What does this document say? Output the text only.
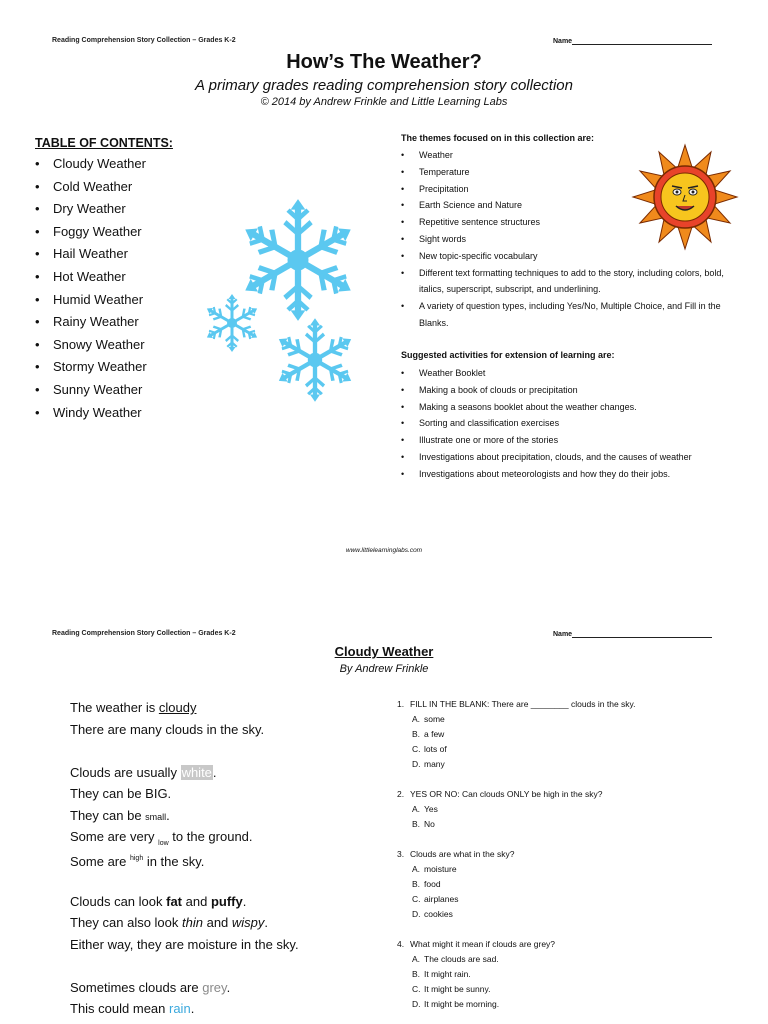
Reading Comprehension Story Collection – Grades K-2	Name
How’s The Weather?
A primary grades reading comprehension story collection
© 2014 by Andrew Frinkle and Little Learning Labs
TABLE OF CONTENTS:
• Cloudy Weather
• Cold Weather
• Dry Weather
• Foggy Weather
• Hail Weather
• Hot Weather
• Humid Weather
• Rainy Weather
• Snowy Weather
• Stormy Weather
• Sunny Weather
• Windy Weather
The themes focused on in this collection are:
• Weather
• Temperature
• Precipitation
• Earth Science and Nature
• Repetitive sentence structures
• Sight words
• New topic-specific vocabulary
• Different text formatting techniques to add to the story, including colors, bold, italics, superscript, subscript, and underlining.
• A variety of question types, including Yes/No, Multiple Choice, and Fill in the Blanks.
Suggested activities for extension of learning are:
• Weather Booklet
• Making a book of clouds or precipitation
• Making a seasons booklet about the weather changes.
• Sorting and classification exercises
• Illustrate one or more of the stories
• Investigations about precipitation, clouds, and the causes of weather
• Investigations about meteorologists and how they do their jobs.
www.littlelearninglabs.com
Reading Comprehension Story Collection – Grades K-2	Name
Cloudy Weather
By Andrew Frinkle
The weather is cloudy
There are many clouds in the sky.
Clouds are usually white.
They can be BIG.
They can be small.
Some are very $_{low}$ to the ground.
Some are $^{high}$ in the sky.
Clouds can look fat and puffy.
They can also look thin and wispy.
Either way, they are moisture in the sky.
Sometimes clouds are grey.
This could mean rain.
1. FILL IN THE BLANK: There are ________ clouds in the sky.
A. some
B. a few
C. lots of
D. many
2. YES OR NO: Can clouds ONLY be high in the sky?
A. Yes
B. No
3. Clouds are what in the sky?
A. moisture
B. food
C. airplanes
D. cookies
4. What might it mean if clouds are grey?
A. The clouds are sad.
B. It might rain.
C. It might be sunny.
D. It might be morning.
